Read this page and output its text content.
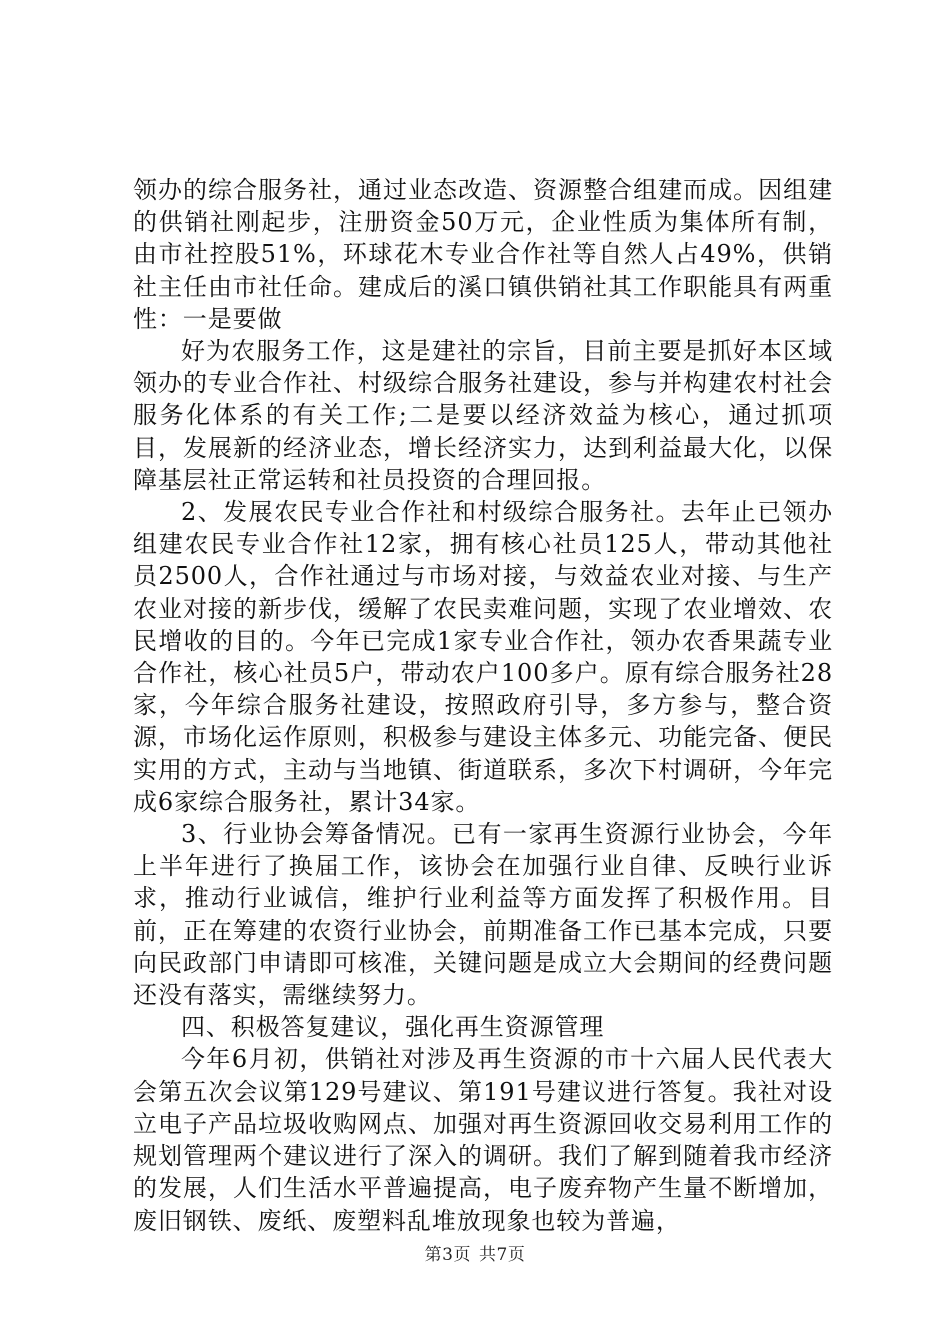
领办的综合服务社，通过业态改造、资源整合组建而成。因组建的供销社刚起步，注册资金50万元，企业性质为集体所有制，由市社控股51%，环球花木专业合作社等自然人占49%，供销社主任由市社任命。建成后的溪口镇供销社其工作职能具有两重性：一是要做

好为农服务工作，这是建社的宗旨，目前主要是抓好本区域领办的专业合作社、村级综合服务社建设，参与并构建农村社会服务化体系的有关工作;二是要以经济效益为核心，通过抓项目，发展新的经济业态，增长经济实力，达到利益最大化，以保障基层社正常运转和社员投资的合理回报。

2、发展农民专业合作社和村级综合服务社。去年止已领办组建农民专业合作社12家，拥有核心社员125人，带动其他社员2500人，合作社通过与市场对接，与效益农业对接、与生产农业对接的新步伐，缓解了农民卖难问题，实现了农业增效、农民增收的目的。今年已完成1家专业合作社，领办农香果蔬专业合作社，核心社员5户，带动农户100多户。原有综合服务社28家，今年综合服务社建设，按照政府引导，多方参与，整合资源，市场化运作原则，积极参与建设主体多元、功能完备、便民实用的方式，主动与当地镇、街道联系，多次下村调研，今年完成6家综合服务社，累计34家。

3、行业协会筹备情况。已有一家再生资源行业协会，今年上半年进行了换届工作，该协会在加强行业自律、反映行业诉求，推动行业诚信，维护行业利益等方面发挥了积极作用。目前，正在筹建的农资行业协会，前期准备工作已基本完成，只要向民政部门申请即可核准，关键问题是成立大会期间的经费问题还没有落实，需继续努力。

四、积极答复建议，强化再生资源管理

今年6月初，供销社对涉及再生资源的市十六届人民代表大会第五次会议第129号建议、第191号建议进行答复。我社对设立电子产品垃圾收购网点、加强对再生资源回收交易利用工作的规划管理两个建议进行了深入的调研。我们了解到随着我市经济的发展，人们生活水平普遍提高，电子废弃物产生量不断增加，废旧钢铁、废纸、废塑料乱堆放现象也较为普遍，

第3页 共7页
